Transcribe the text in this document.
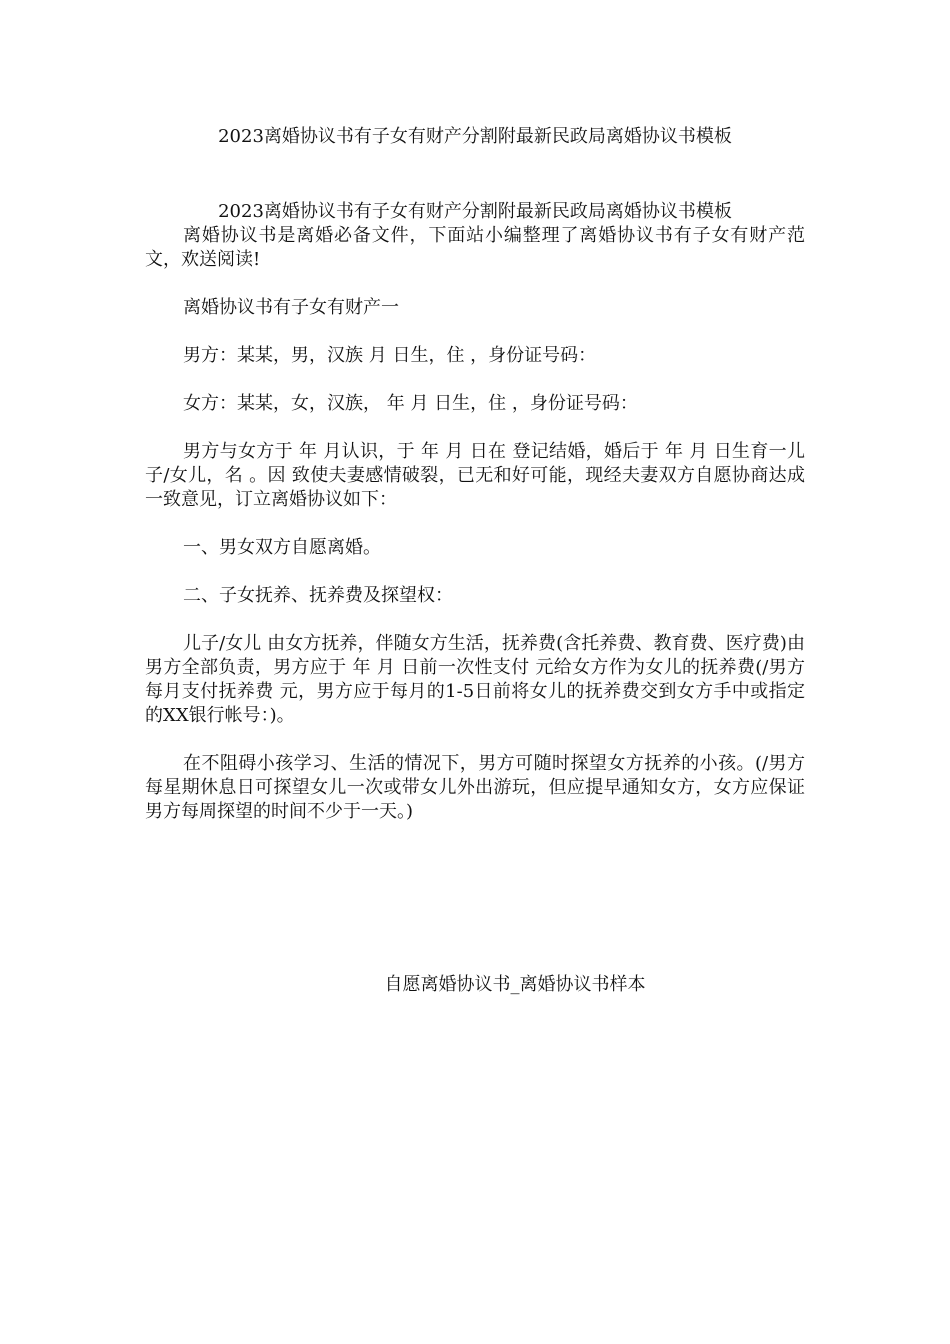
2023离婚协议书有子女有财产分割附最新民政局离婚协议书模板

2023离婚协议书有子女有财产分割附最新民政局离婚协议书模板

离婚协议书是离婚必备文件，下面站小编整理了离婚协议书有子女有财产范文，欢送阅读!

离婚协议书有子女有财产一

男方：某某，男，汉族 月 日生，住 ，身份证号码：

女方：某某，女，汉族， 年 月 日生，住 ，身份证号码：

男方与女方于 年 月认识，于 年 月 日在 登记结婚，婚后于 年 月 日生育一儿子/女儿，名 。因 致使夫妻感情破裂，已无和好可能，现经夫妻双方自愿协商达成一致意见，订立离婚协议如下：

一、男女双方自愿离婚。

二、子女抚养、抚养费及探望权：

儿子/女儿 由女方抚养，伴随女方生活，抚养费(含托养费、教育费、医疗费)由男方全部负责，男方应于 年 月 日前一次性支付 元给女方作为女儿的抚养费(/男方每月支付抚养费 元，男方应于每月的1-5日前将女儿的抚养费交到女方手中或指定的XX银行帐号：)。

在不阻碍小孩学习、生活的情况下，男方可随时探望女方抚养的小孩。(/男方每星期休息日可探望女儿一次或带女儿外出游玩，但应提早通知女方，女方应保证男方每周探望的时间不少于一天。)

自愿离婚协议书_离婚协议书样本
